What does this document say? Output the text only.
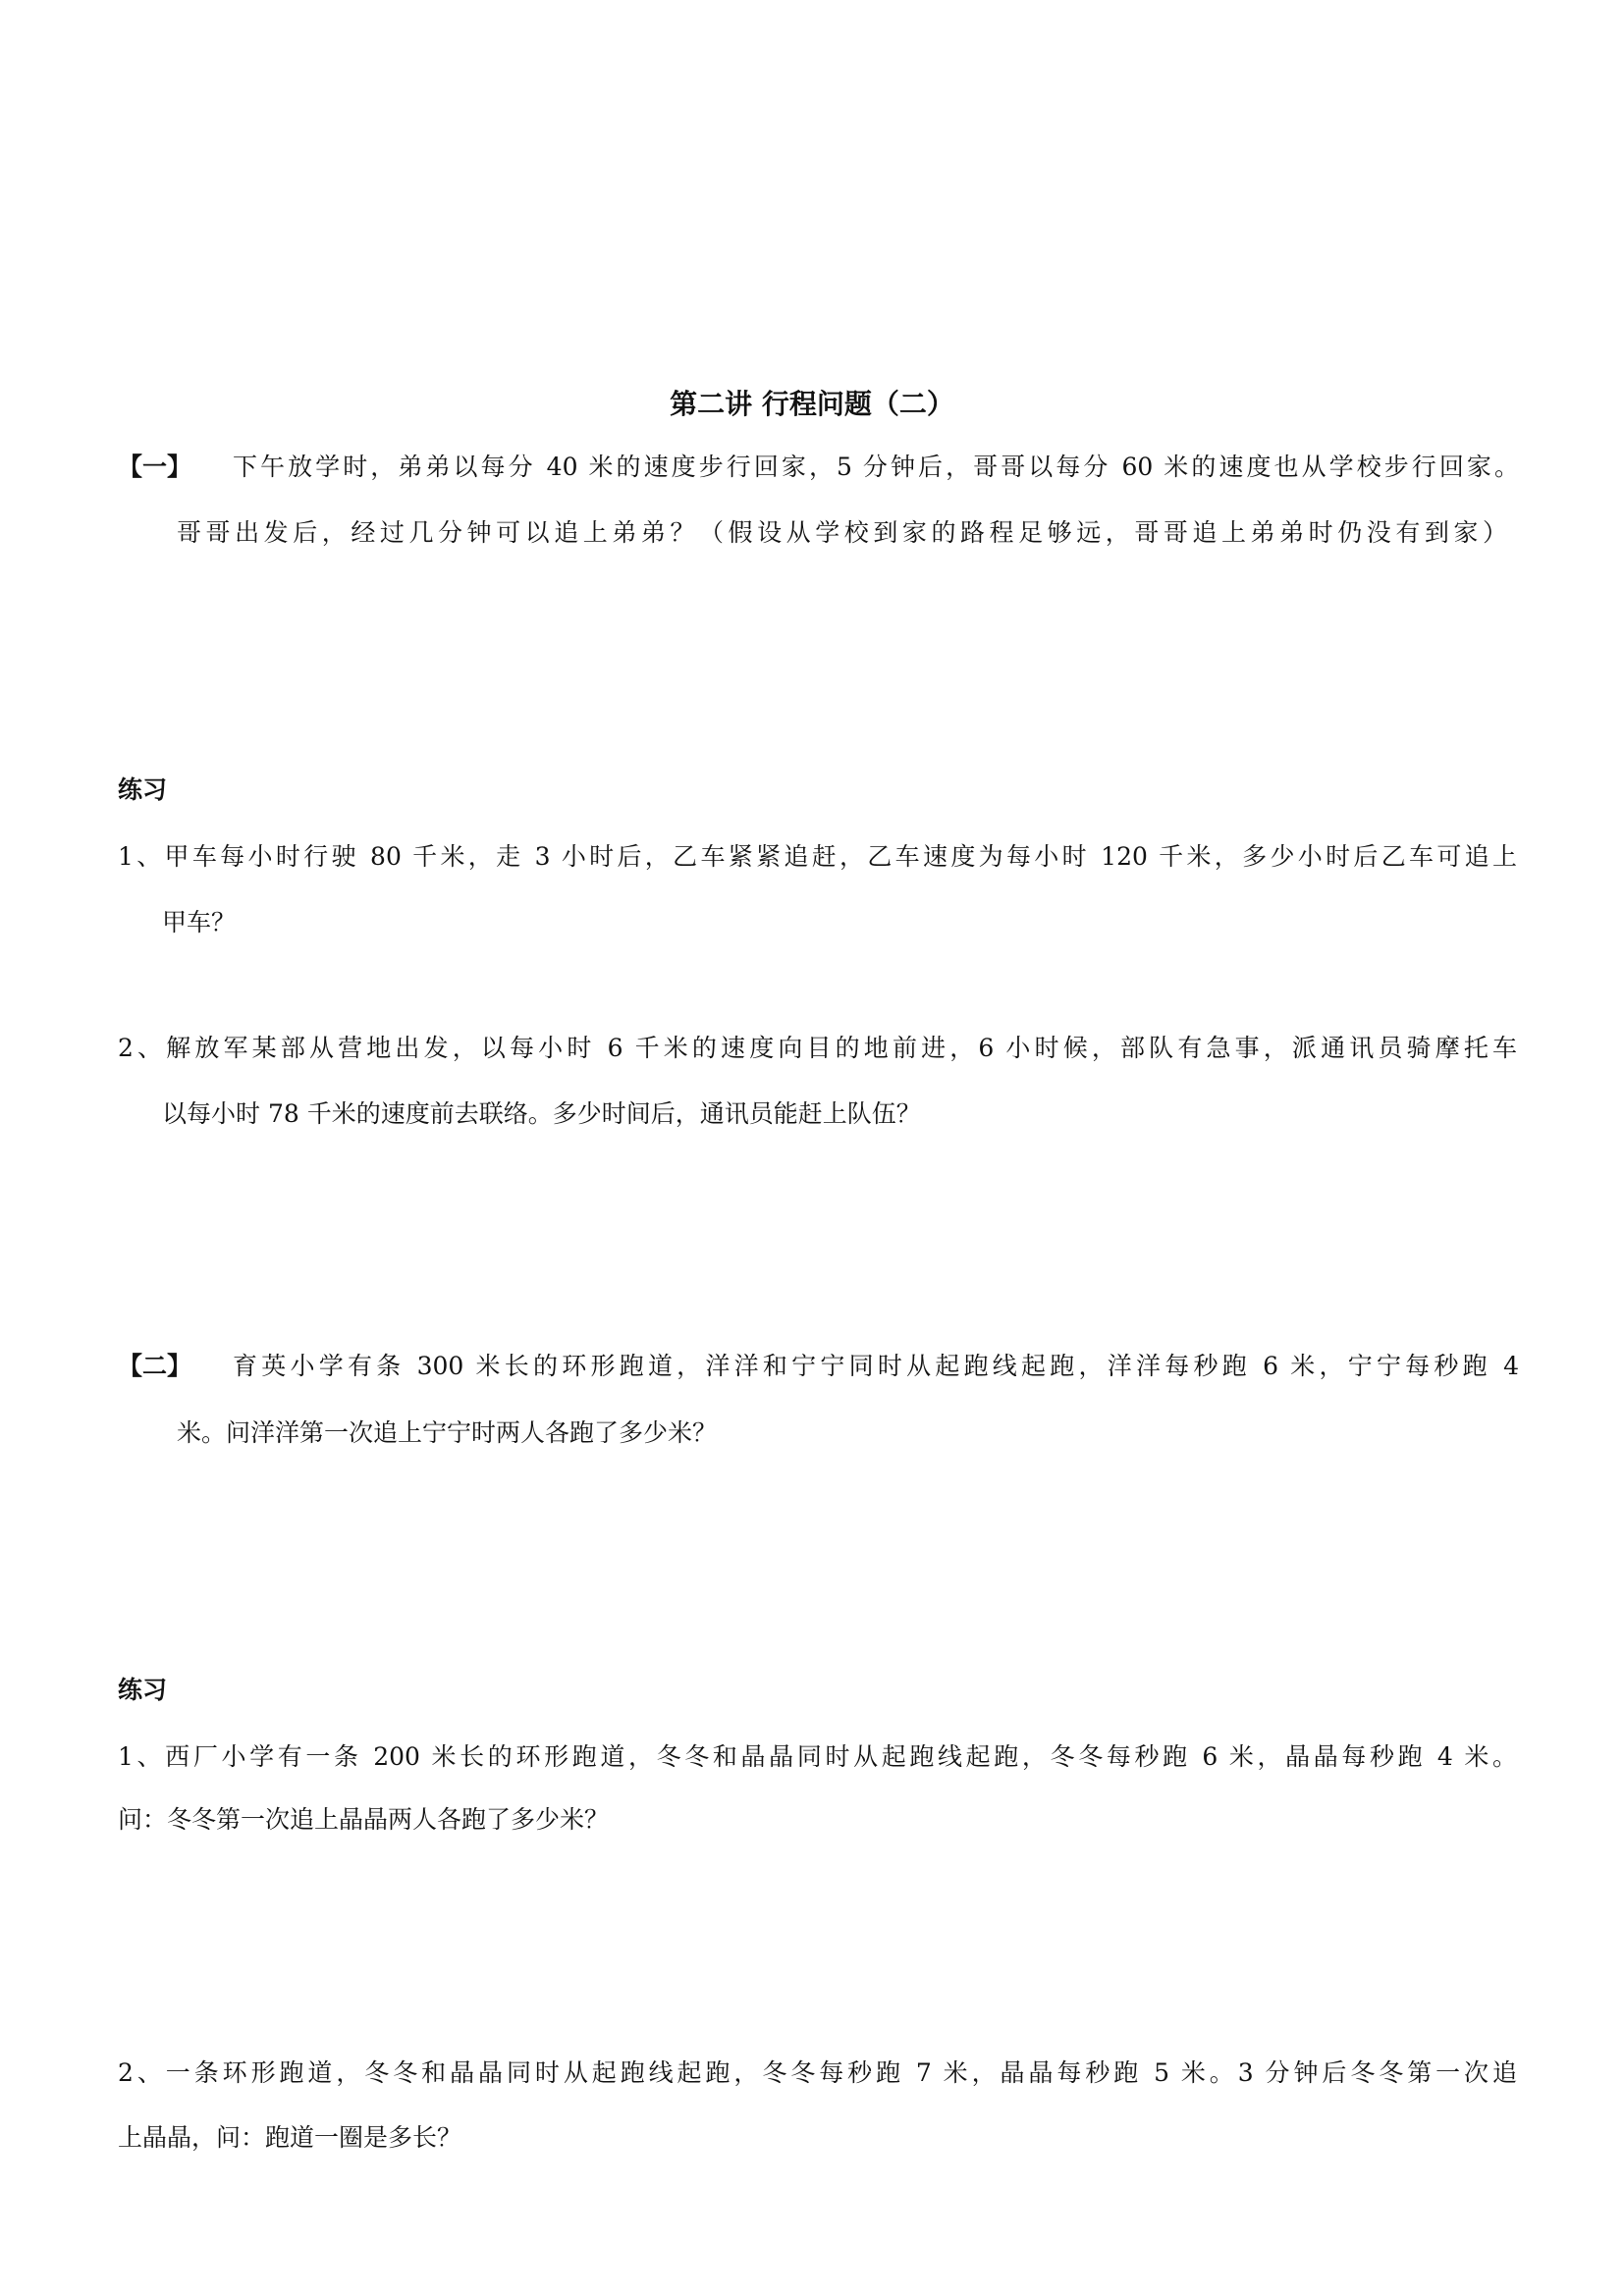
第二讲 行程问题（二）
【一】 下午放学时，弟弟以每分 40 米的速度步行回家，5 分钟后，哥哥以每分 60 米的速度也从学校步行回家。
哥哥出发后，经过几分钟可以追上弟弟？（假设从学校到家的路程足够远，哥哥追上弟弟时仍没有到家）
练习
1、甲车每小时行驶 80 千米，走 3 小时后，乙车紧紧追赶，乙车速度为每小时 120 千米，多少小时后乙车可追上
甲车？
2、解放军某部从营地出发，以每小时 6 千米的速度向目的地前进，6 小时候，部队有急事，派通讯员骑摩托车
以每小时 78 千米的速度前去联络。多少时间后，通讯员能赶上队伍？
【二】 育英小学有条 300 米长的环形跑道，洋洋和宁宁同时从起跑线起跑，洋洋每秒跑 6 米，宁宁每秒跑 4
米。问洋洋第一次追上宁宁时两人各跑了多少米？
练习
1、西厂小学有一条 200 米长的环形跑道，冬冬和晶晶同时从起跑线起跑，冬冬每秒跑 6 米，晶晶每秒跑 4 米。
问：冬冬第一次追上晶晶两人各跑了多少米？
2、一条环形跑道，冬冬和晶晶同时从起跑线起跑，冬冬每秒跑 7 米，晶晶每秒跑 5 米。3 分钟后冬冬第一次追
上晶晶，问：跑道一圈是多长？
